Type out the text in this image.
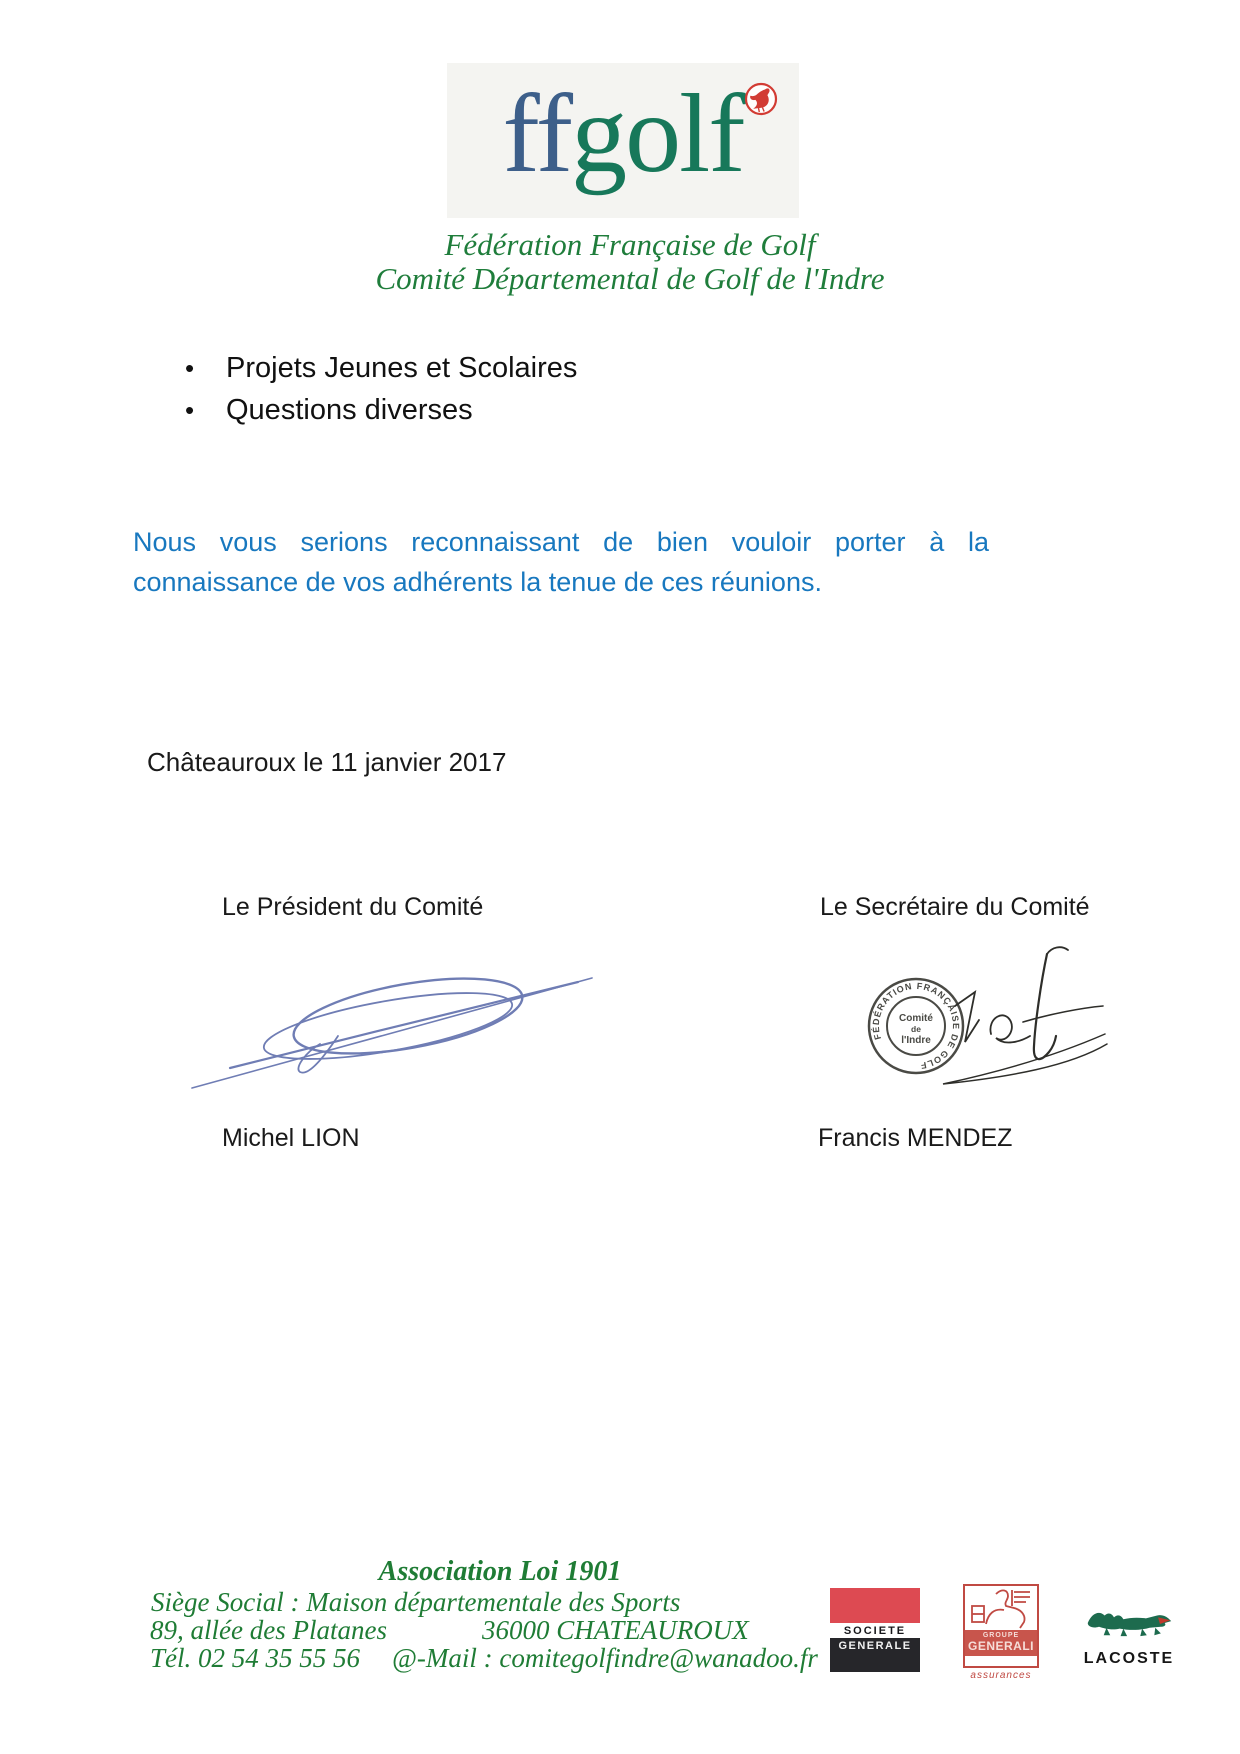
ffgolf
Fédération Française de Golf
Comité Départemental de Golf de l'Indre
•	Projets Jeunes et Scolaires
•	Questions diverses
Nous vous serions reconnaissant de bien vouloir porter à la
connaissance de vos adhérents la tenue de ces réunions.
Châteauroux le 11 janvier 2017
Le Président du Comité	Le Secrétaire du Comité
FÉDÉRATION FRANÇAISE DE GOLF
Comité
de
l'Indre
Michel LION	Francis MENDEZ
Association Loi 1901
Siège Social : Maison départementale des Sports
89, allée des Platanes	36000 CHATEAUROUX
Tél. 02 54 35 55 56 @-Mail : comitegolfindre@wanadoo.fr
SOCIETE
GENERALE
GROUPE
GENERALI
assurances
LACOSTE
